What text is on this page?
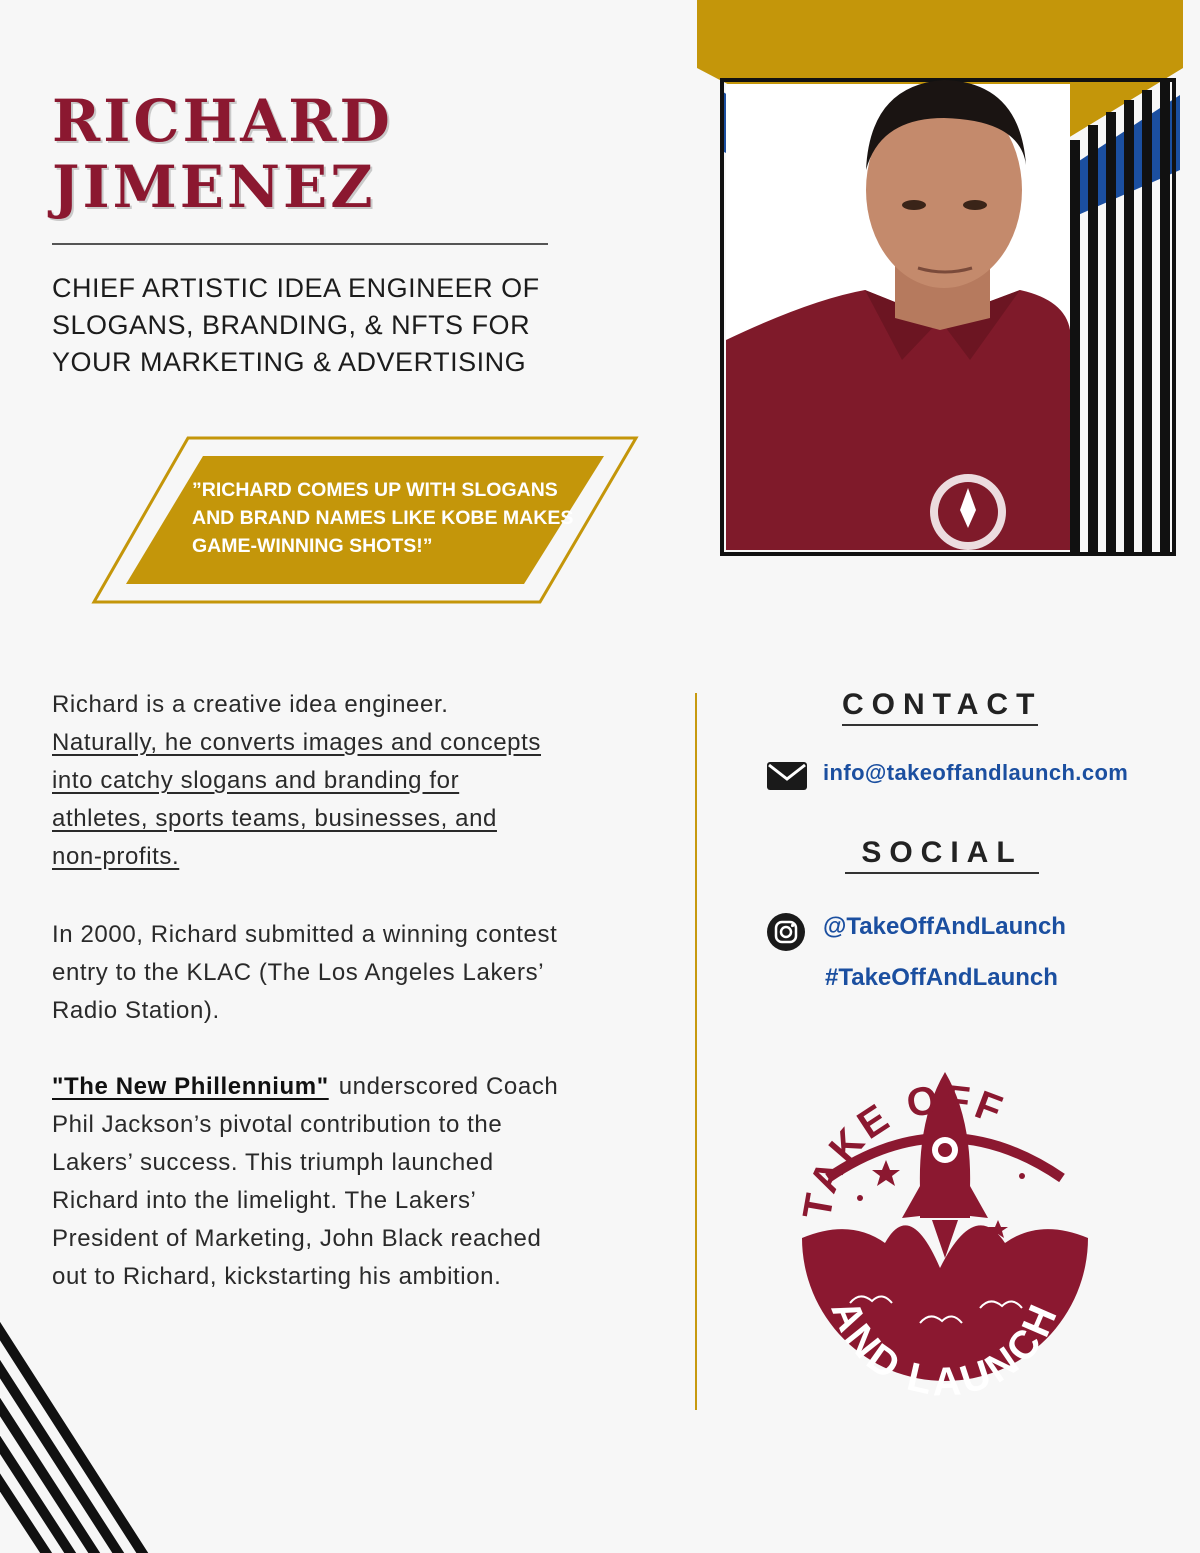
RICHARD
JIMENEZ
CHIEF ARTISTIC IDEA ENGINEER OF
SLOGANS, BRANDING, & NFTS FOR
YOUR MARKETING & ADVERTISING
”RICHARD COMES UP WITH SLOGANS
AND BRAND NAMES LIKE KOBE MAKES
GAME-WINNING SHOTS!”
Richard is a creative idea engineer.
Naturally, he converts images and concepts
into catchy slogans and branding for
athletes, sports teams, businesses, and
non-profits.
In 2000, Richard submitted a winning contest
entry to the KLAC (The Los Angeles Lakers’
Radio Station).
"The New Phillennium" underscored Coach
Phil Jackson’s pivotal contribution to the
Lakers’ success. This triumph launched
Richard into the limelight. The Lakers’
President of Marketing, John Black reached
out to Richard, kickstarting his ambition.
CONTACT
info@takeoffandlaunch.com
SOCIAL
@TakeOffAndLaunch
#TakeOffAndLaunch
TAKE OFF
AND LAUNCH
